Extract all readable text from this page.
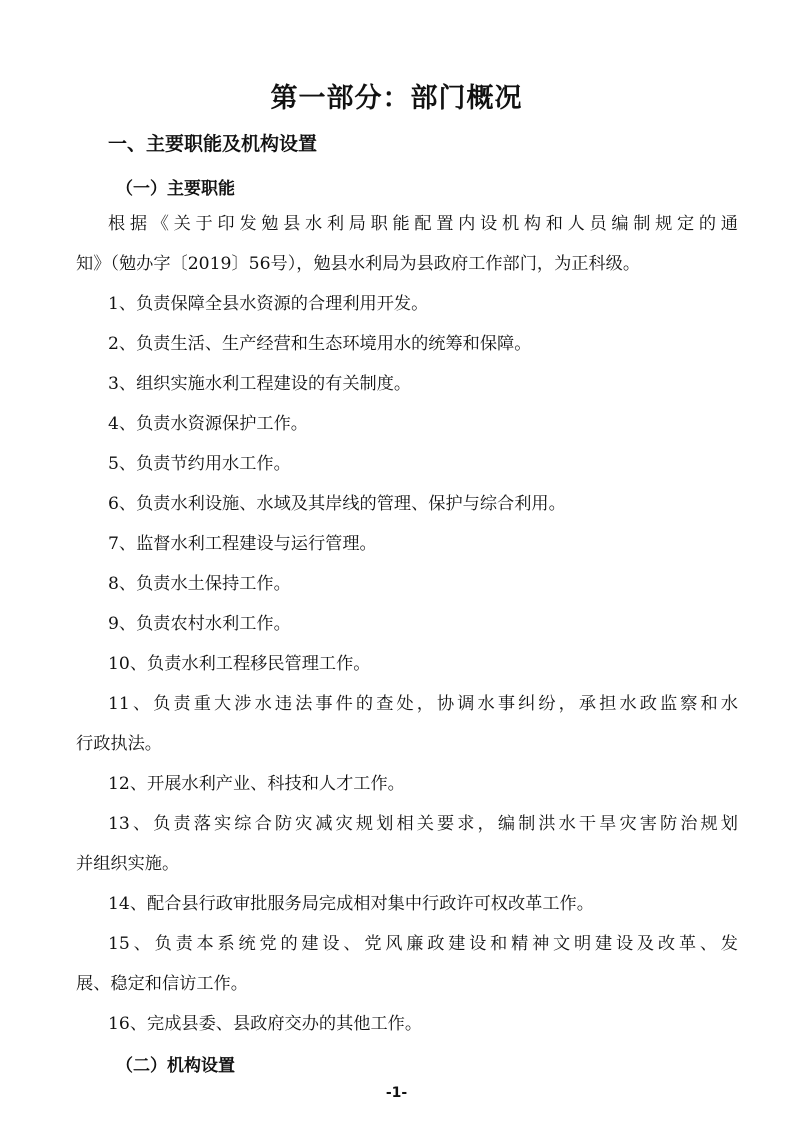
第一部分：部门概况
一、主要职能及机构设置
（一）主要职能
根据《关于印发勉县水利局职能配置内设机构和人员编制规定的通
知》（勉办字〔2019〕56号），勉县水利局为县政府工作部门，为正科级。
1、负责保障全县水资源的合理利用开发。
2、负责生活、生产经营和生态环境用水的统筹和保障。
3、组织实施水利工程建设的有关制度。
4、负责水资源保护工作。
5、负责节约用水工作。
6、负责水利设施、水域及其岸线的管理、保护与综合利用。
7、监督水利工程建设与运行管理。
8、负责水土保持工作。
9、负责农村水利工作。
10、负责水利工程移民管理工作。
11、负责重大涉水违法事件的查处，协调水事纠纷，承担水政监察和水
行政执法。
12、开展水利产业、科技和人才工作。
13、负责落实综合防灾减灾规划相关要求，编制洪水干旱灾害防治规划
并组织实施。
14、配合县行政审批服务局完成相对集中行政许可权改革工作。
15、负责本系统党的建设、党风廉政建设和精神文明建设及改革、发
展、稳定和信访工作。
16、完成县委、县政府交办的其他工作。
（二）机构设置
-1-
